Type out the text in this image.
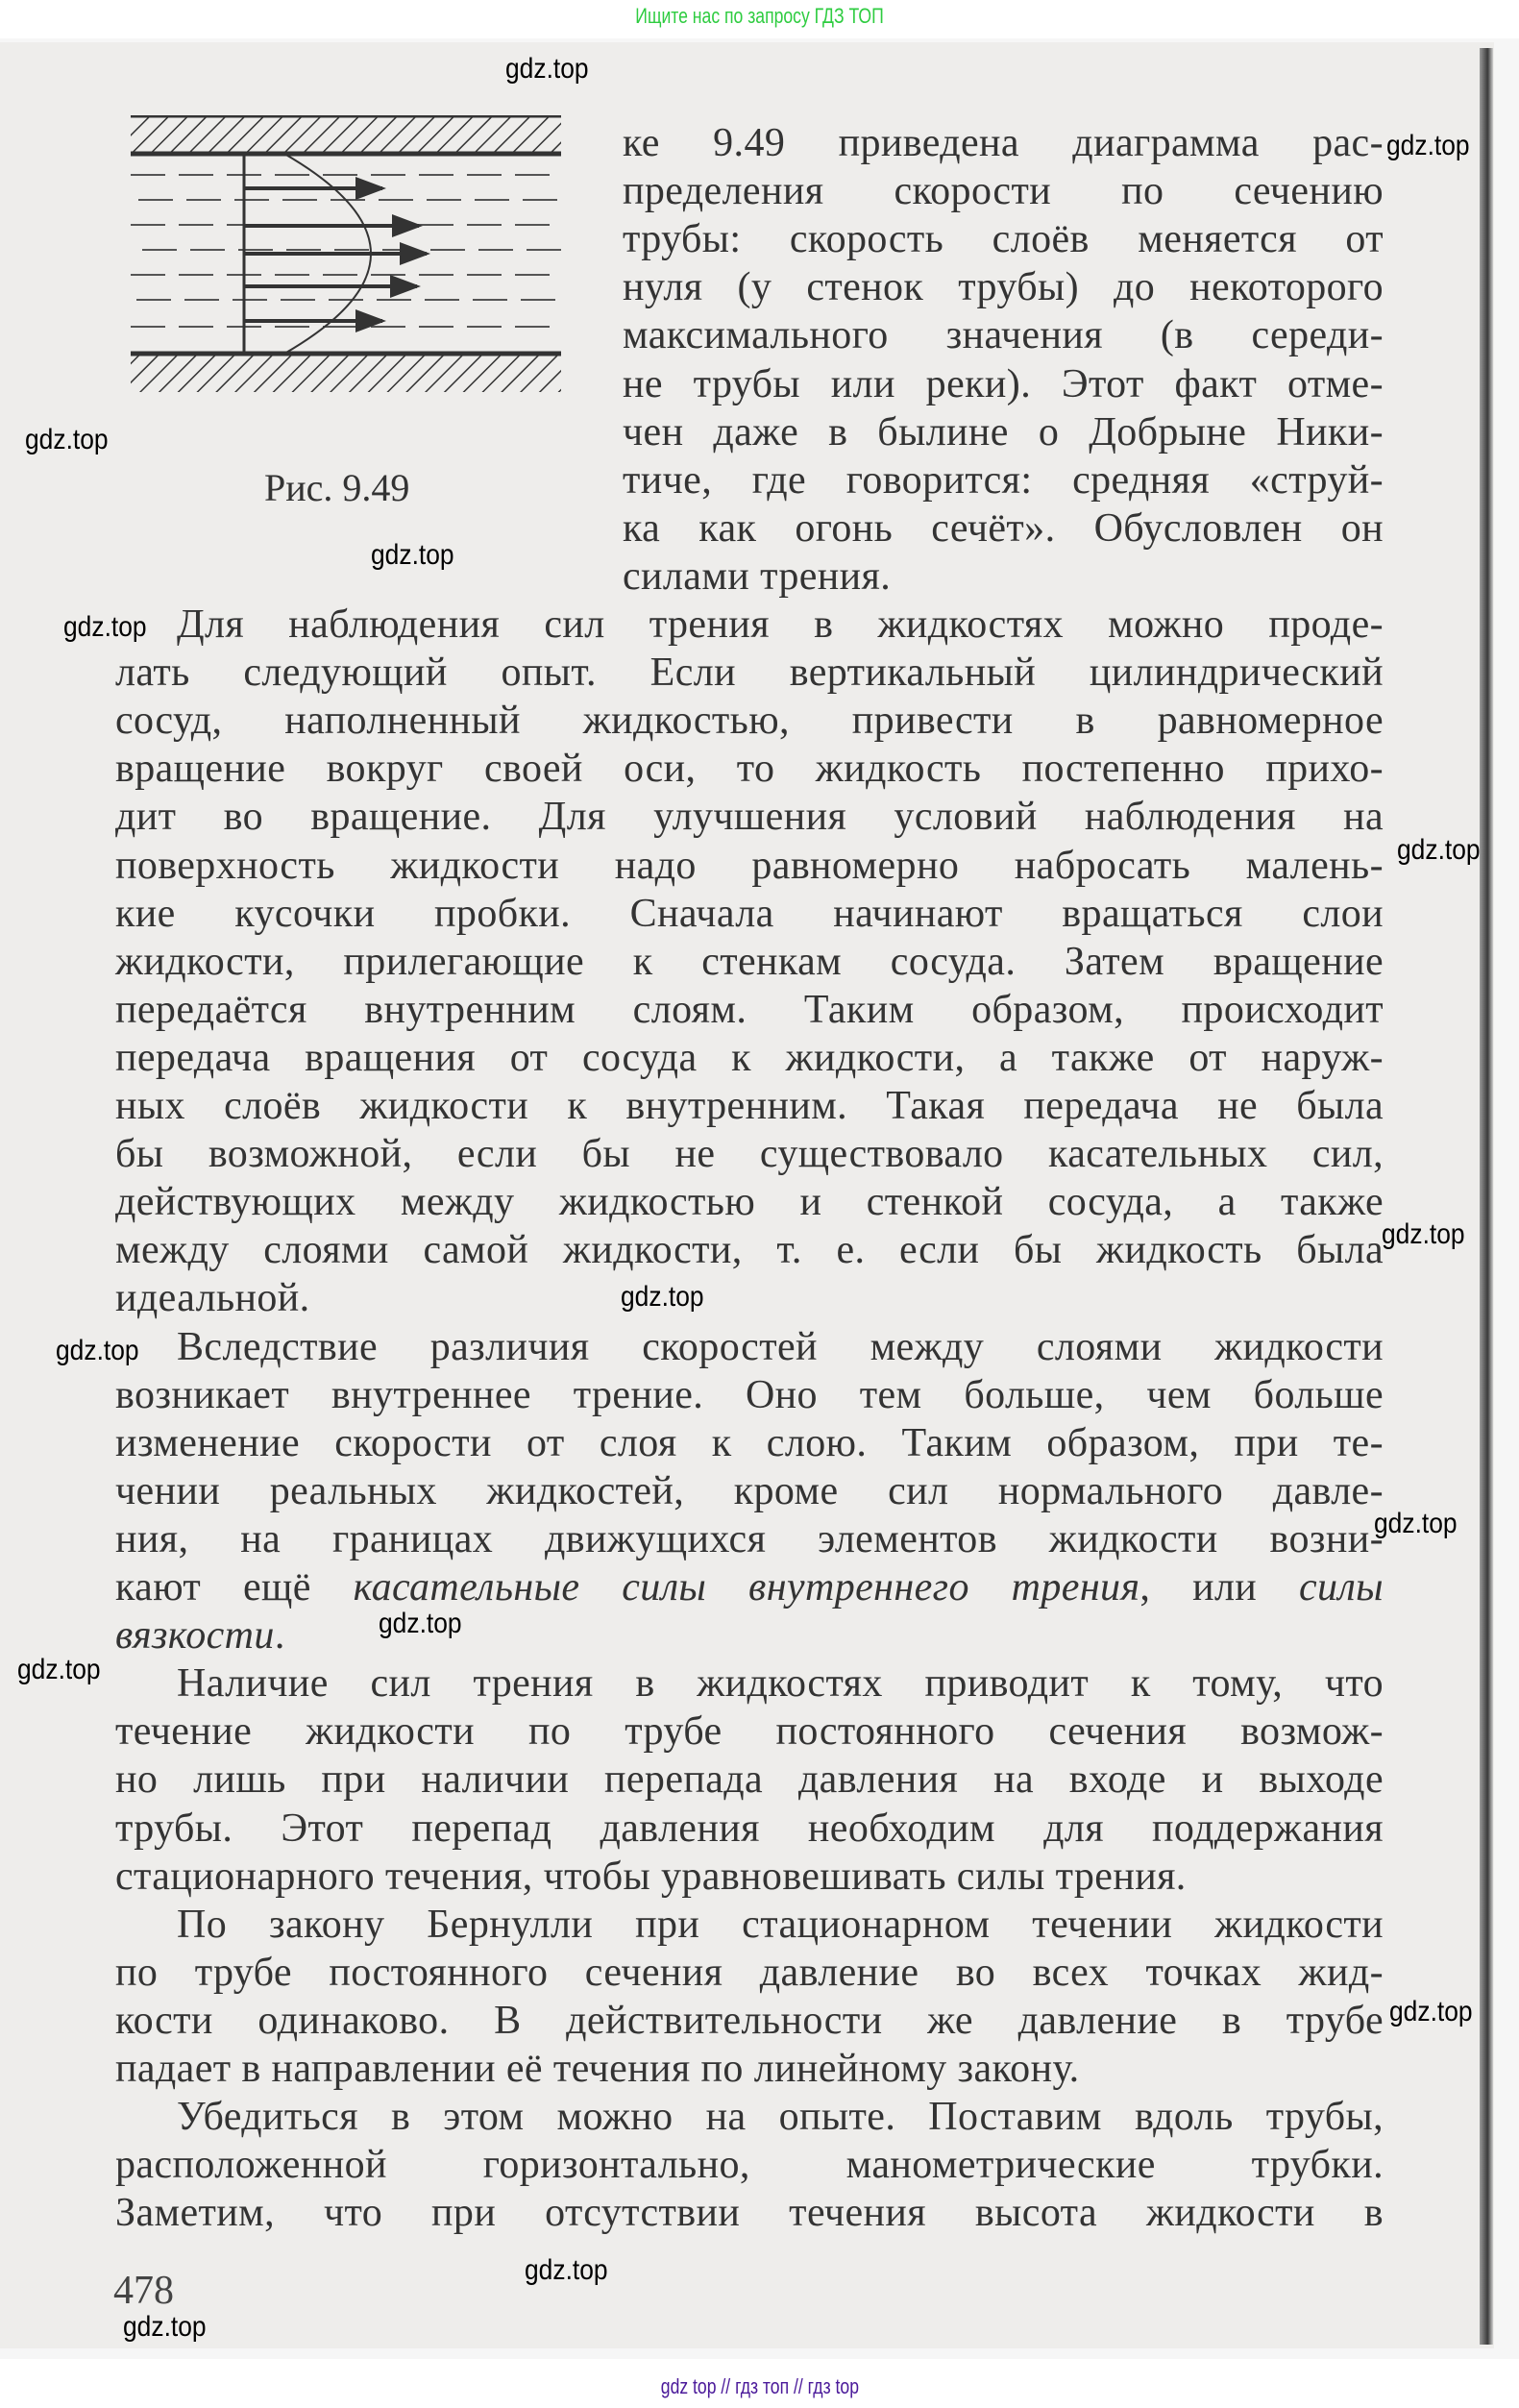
Ищите нас по запросу ГДЗ ТОП
Рис. 9.49
ке 9.49 приведена диаграмма рас-
пределения скорости по сечению
трубы: скорость слоёв меняется от
нуля (у стенок трубы) до некоторого
максимального значения (в середи-
не трубы или реки). Этот факт отме-
чен даже в былине о Добрыне Ники-
тиче, где говорится: средняя «струй-
ка как огонь сечёт». Обусловлен он
силами трения.
Для наблюдения сил трения в жидкостях можно проде-
лать следующий опыт. Если вертикальный цилиндрический
сосуд, наполненный жидкостью, привести в равномерное
вращение вокруг своей оси, то жидкость постепенно прихо-
дит во вращение. Для улучшения условий наблюдения на
поверхность жидкости надо равномерно набросать малень-
кие кусочки пробки. Сначала начинают вращаться слои
жидкости, прилегающие к стенкам сосуда. Затем вращение
передаётся внутренним слоям. Таким образом, происходит
передача вращения от сосуда к жидкости, а также от наруж-
ных слоёв жидкости к внутренним. Такая передача не была
бы возможной, если бы не существовало касательных сил,
действующих между жидкостью и стенкой сосуда, а также
между слоями самой жидкости, т. е. если бы жидкость была
идеальной.
Вследствие различия скоростей между слоями жидкости
возникает внутреннее трение. Оно тем больше, чем больше
изменение скорости от слоя к слою. Таким образом, при те-
чении реальных жидкостей, кроме сил нормального давле-
ния, на границах движущихся элементов жидкости возни-
кают ещё касательные силы внутреннего трения, или силы
вязкости.
Наличие сил трения в жидкостях приводит к тому, что
течение жидкости по трубе постоянного сечения возмож-
но лишь при наличии перепада давления на входе и выходе
трубы. Этот перепад давления необходим для поддержания
стационарного течения, чтобы уравновешивать силы трения.
По закону Бернулли при стационарном течении жидкости
по трубе постоянного сечения давление во всех точках жид-
кости одинаково. В действительности же давление в трубе
падает в направлении её течения по линейному закону.
Убедиться в этом можно на опыте. Поставим вдоль трубы,
расположенной горизонтально, манометрические трубки.
Заметим, что при отсутствии течения высота жидкости в
478
gdz.top
gdz.top
gdz.top
gdz.top
gdz.top
gdz.top
gdz.top
gdz.top
gdz.top
gdz.top
gdz.top
gdz.top
gdz.top
gdz.top
gdz.top
gdz top // гдз топ // гдз top
